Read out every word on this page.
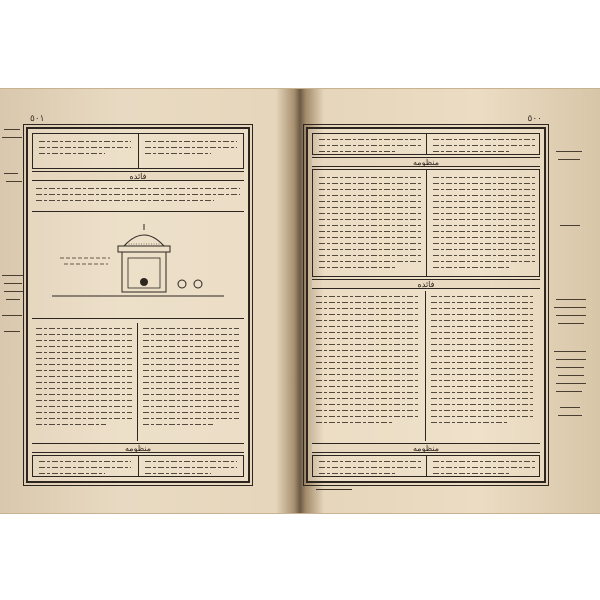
٥٠١
فائده
منظومه
٥٠٠
منظومه
فائده
منظومه
